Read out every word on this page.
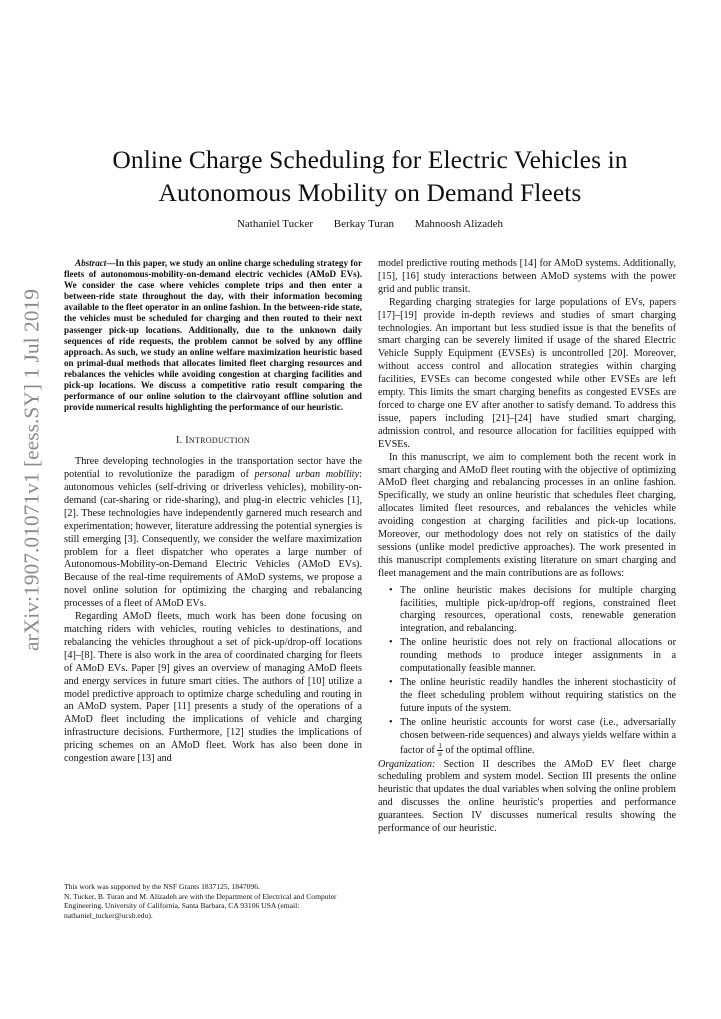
arXiv:1907.01071v1 [eess.SY] 1 Jul 2019
Online Charge Scheduling for Electric Vehicles in
Autonomous Mobility on Demand Fleets
Nathaniel Tucker Berkay Turan Mahnoosh Alizadeh

Abstract—In this paper, we study an online charge scheduling strategy for fleets of autonomous-mobility-on-demand electric vechicles (AMoD EVs). We consider the case where vehicles complete trips and then enter a between-ride state throughout the day, with their information becoming available to the fleet operator in an online fashion. In the between-ride state, the vehicles must be scheduled for charging and then routed to their next passenger pick-up locations. Additionally, due to the unknown daily sequences of ride requests, the problem cannot be solved by any offline approach. As such, we study an online welfare maximization heuristic based on primal-dual methods that allocates limited fleet charging resources and rebalances the vehicles while avoiding congestion at charging facilities and pick-up locations. We discuss a competitive ratio result comparing the performance of our online solution to the clairvoyant offline solution and provide numerical results highlighting the performance of our heuristic.

I. INTRODUCTION

Three developing technologies in the transportation sector have the potential to revolutionize the paradigm of personal urban mobility: autonomous vehicles (self-driving or driverless vehicles), mobility-on-demand (car-sharing or ride-sharing), and plug-in electric vehicles [1], [2]. These technologies have independently garnered much research and experimentation; however, literature addressing the potential synergies is still emerging [3]. Consequently, we consider the welfare maximization problem for a fleet dispatcher who operates a large number of Autonomous-Mobility-on-Demand Electric Vehicles (AMoD EVs). Because of the real-time requirements of AMoD systems, we propose a novel online solution for optimizing the charging and rebalancing processes of a fleet of AMoD EVs.

Regarding AMoD fleets, much work has been done focusing on matching riders with vehicles, routing vehicles to destinations, and rebalancing the vehicles throughout a set of pick-up/drop-off locations [4]–[8]. There is also work in the area of coordinated charging for fleets of AMoD EVs. Paper [9] gives an overview of managing AMoD fleets and energy services in future smart cities. The authors of [10] utilize a model predictive approach to optimize charge scheduling and routing in an AMoD system. Paper [11] presents a study of the operations of a AMoD fleet including the implications of vehicle and charging infrastructure decisions. Furthermore, [12] studies the implications of pricing schemes on an AMoD fleet. Work has also been done in congestion aware [13] and

This work was supported by the NSF Grants 1837125, 1847096.

N. Tucker, B. Turan and M. Alizadeh are with the Department of Electrical and Computer Engineering, University of California, Santa Barbara, CA 93106 USA (email: nathaniel_tucker@ucsb.edu).

model predictive routing methods [14] for AMoD systems. Additionally, [15], [16] study interactions between AMoD systems with the power grid and public transit.

Regarding charging strategies for large populations of EVs, papers [17]–[19] provide in-depth reviews and studies of smart charging technologies. An important but less studied issue is that the benefits of smart charging can be severely limited if usage of the shared Electric Vehicle Supply Equipment (EVSEs) is uncontrolled [20]. Moreover, without access control and allocation strategies within charging facilities, EVSEs can become congested while other EVSEs are left empty. This limits the smart charging benefits as congested EVSEs are forced to charge one EV after another to satisfy demand. To address this issue, papers including [21]–[24] have studied smart charging, admission control, and resource allocation for facilities equipped with EVSEs.

In this manuscript, we aim to complement both the recent work in smart charging and AMoD fleet routing with the objective of optimizing AMoD fleet charging and rebalancing processes in an online fashion. Specifically, we study an online heuristic that schedules fleet charging, allocates limited fleet resources, and rebalances the vehicles while avoiding congestion at charging facilities and pick-up locations. Moreover, our methodology does not rely on statistics of the daily sessions (unlike model predictive approaches). The work presented in this manuscript complements existing literature on smart charging and fleet management and the main contributions are as follows:

• The online heuristic makes decisions for multiple charging facilities, multiple pick-up/drop-off regions, constrained fleet charging resources, operational costs, renewable generation integration, and rebalancing.
• The online heuristic does not rely on fractional allocations or rounding methods to produce integer assignments in a computationally feasible manner.
• The online heuristic readily handles the inherent stochasticity of the fleet scheduling problem without requiring statistics on the future inputs of the system.
• The online heuristic accounts for worst case (i.e., adversarially chosen between-ride sequences) and always yields welfare within a factor of $\frac{1}{\alpha}$ of the optimal offline.

Organization: Section II describes the AMoD EV fleet charge scheduling problem and system model. Section III presents the online heuristic that updates the dual variables when solving the online problem and discusses the online heuristic's properties and performance guarantees. Section IV discusses numerical results showing the performance of our heuristic.
